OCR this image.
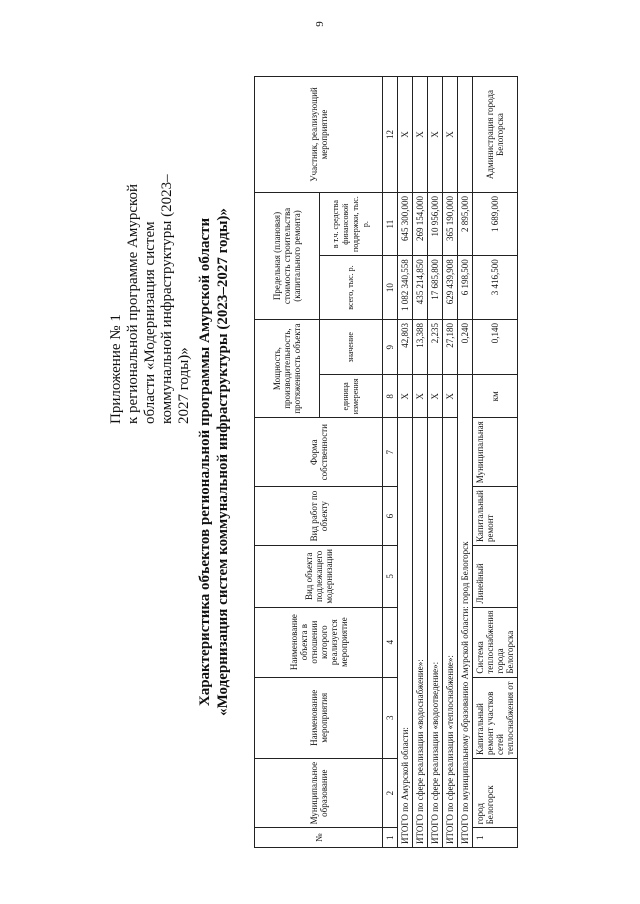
9
Приложение № 1 к региональной программе Амурской области «Модернизация систем коммунальной инфраструктуры (2023– 2027 годы)» Характеристика объектов региональной программы Амурской области «Модернизация систем коммунальной инфраструктуры (2023–2027 годы)»
№	Муниципальное образование	Наименование мероприятия	Наименование объекта в отношении которого реализуется мероприятие	Вид объекта подлежащего модернизации	Вид работ по объекту	Форма собственности	Мощность, производительность, протяженность объекта		Предельная (плановая) стоимость строительства (капитального ремонта)		Участник, реализующий мероприятие
							единица измерения	значение	всего, тыс. р.	в т.ч. средства финансовой поддержки, тыс. р.	
1	2	3	4	5	6	7	8	9	10	11	12
ИТОГО по Амурской области:							Х	42,803	1 082 340,558	645 300,000	Х
ИТОГО по сфере реализации «водоснабжение»:							Х	13,388	435 214,850	269 154,000	Х
ИТОГО по сфере реализации «водоотведение»:							Х	2,235	17 685,800	10 956,000	Х
ИТОГО по сфере реализации «теплоснабжение»:							Х	27,180	629 439,908	365 190,000	Х
ИТОГО по муниципальному образованию Амурской области: город Белогорск								0,240	6 198,500	2 895,000	
1	город Белогорск	Капитальный ремонт участков сетей теплоснабжения от	Система теплоснабжения города Белогорска	Линейный	Капитальный ремонт	Муниципальная	км	0,140	3 416,500	1 689,000	Администрация города Белогорска
